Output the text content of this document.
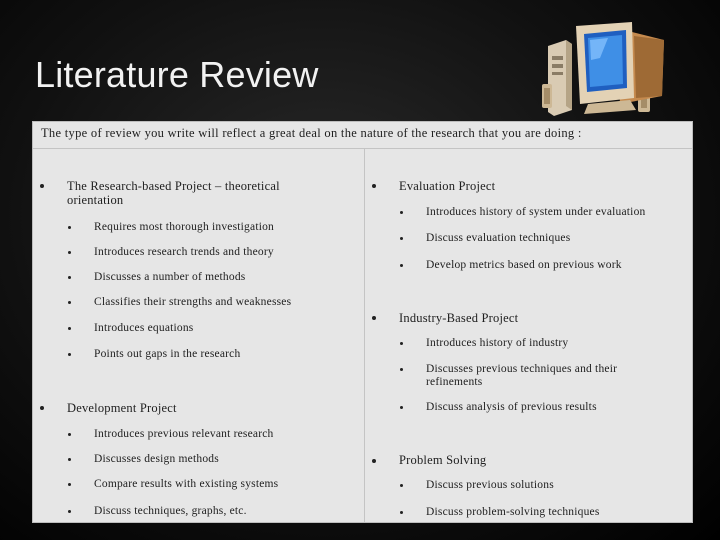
Literature Review
The type of review you write will reflect a great deal on the nature of the research that you are doing :
The Research-based Project – theoretical
orientation
Requires most thorough investigation
Introduces research trends and theory
Discusses a number of methods
Classifies their strengths and weaknesses
Introduces equations
Points out gaps in the research
Development Project
Introduces previous relevant research
Discusses design methods
Compare results with existing systems
Discuss techniques, graphs, etc.
Evaluation Project
Introduces history of system under evaluation
Discuss evaluation techniques
Develop metrics based on previous work
Industry-Based Project
Introduces history of industry
Discusses previous techniques and their
refinements
Discuss analysis of previous results
Problem Solving
Discuss previous solutions
Discuss problem-solving techniques
